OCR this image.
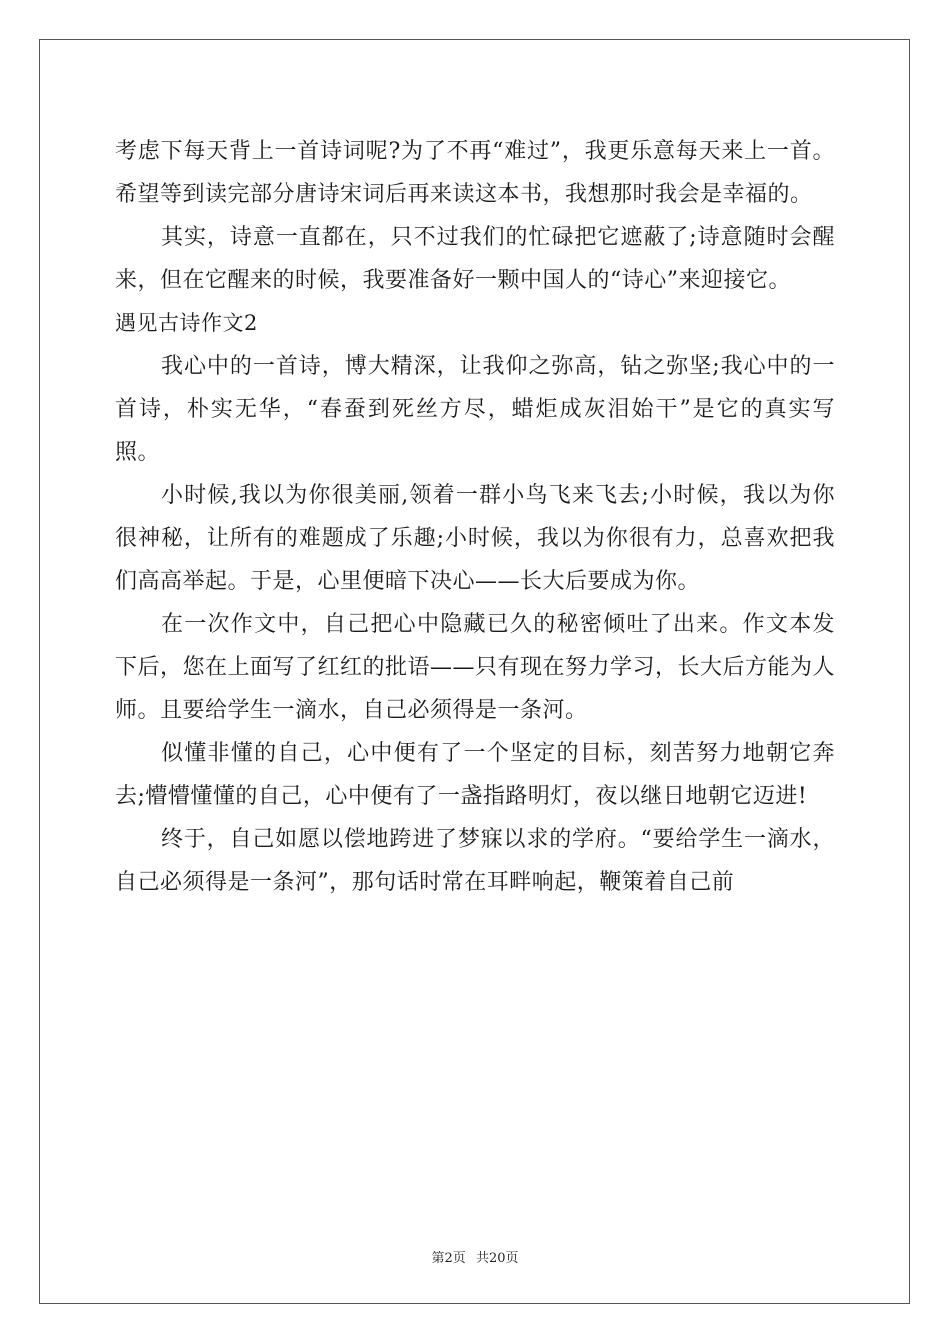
考虑下每天背上一首诗词呢?为了不再“难过”，我更乐意每天来上一首。希望等到读完部分唐诗宋词后再来读这本书，我想那时我会是幸福的。

其实，诗意一直都在，只不过我们的忙碌把它遮蔽了;诗意随时会醒来，但在它醒来的时候，我要准备好一颗中国人的“诗心”来迎接它。

遇见古诗作文2

我心中的一首诗，博大精深，让我仰之弥高，钻之弥坚;我心中的一首诗，朴实无华，“春蚕到死丝方尽，蜡炬成灰泪始干”是它的真实写照。

小时候,我以为你很美丽,领着一群小鸟飞来飞去;小时候，我以为你很神秘，让所有的难题成了乐趣;小时候，我以为你很有力，总喜欢把我们高高举起。于是，心里便暗下决心——长大后要成为你。

在一次作文中，自己把心中隐藏已久的秘密倾吐了出来。作文本发下后，您在上面写了红红的批语——只有现在努力学习，长大后方能为人师。且要给学生一滴水，自己必须得是一条河。

似懂非懂的自己，心中便有了一个坚定的目标，刻苦努力地朝它奔去;懵懵懂懂的自己，心中便有了一盏指路明灯，夜以继日地朝它迈进!

终于，自己如愿以偿地跨进了梦寐以求的学府。“要给学生一滴水，自己必须得是一条河”，那句话时常在耳畔响起，鞭策着自己前

第2页 共20页
